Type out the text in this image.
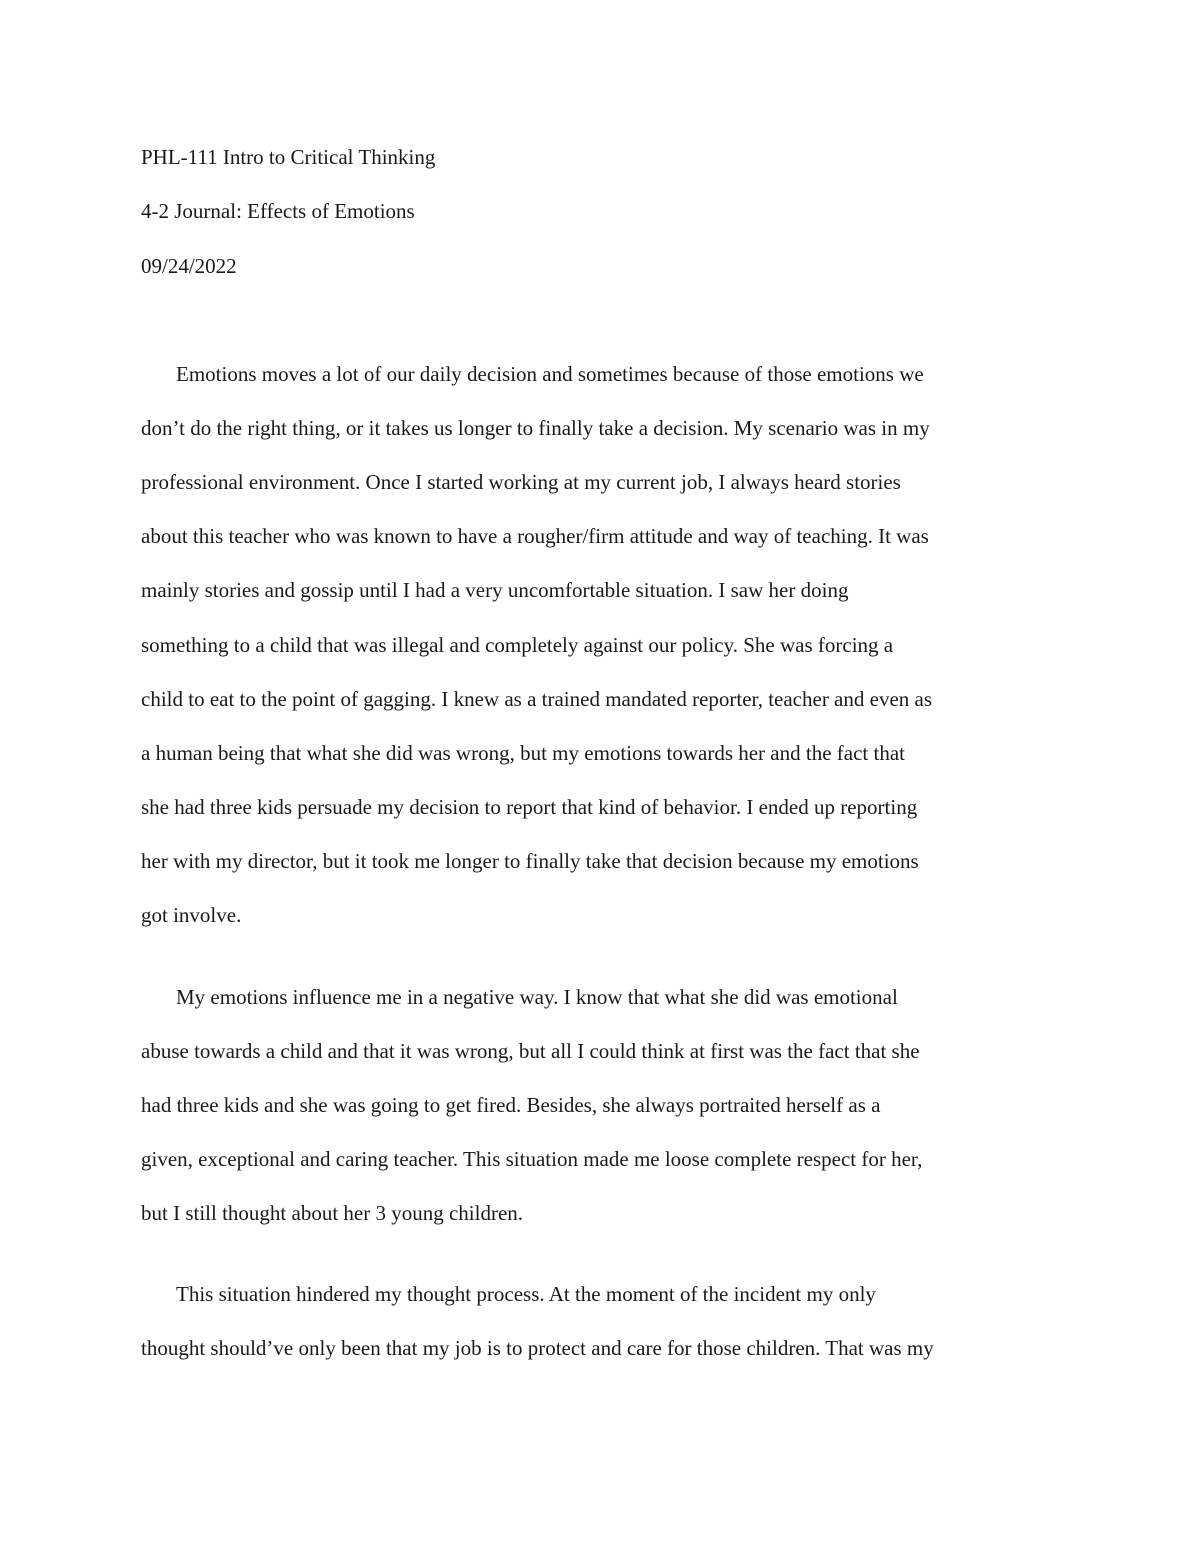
PHL-111 Intro to Critical Thinking
4-2 Journal: Effects of Emotions
09/24/2022
Emotions moves a lot of our daily decision and sometimes because of those emotions we
don’t do the right thing, or it takes us longer to finally take a decision. My scenario was in my
professional environment. Once I started working at my current job, I always heard stories
about this teacher who was known to have a rougher/firm attitude and way of teaching. It was
mainly stories and gossip until I had a very uncomfortable situation. I saw her doing
something to a child that was illegal and completely against our policy. She was forcing a
child to eat to the point of gagging. I knew as a trained mandated reporter, teacher and even as
a human being that what she did was wrong, but my emotions towards her and the fact that
she had three kids persuade my decision to report that kind of behavior. I ended up reporting
her with my director, but it took me longer to finally take that decision because my emotions
got involve.
My emotions influence me in a negative way. I know that what she did was emotional
abuse towards a child and that it was wrong, but all I could think at first was the fact that she
had three kids and she was going to get fired. Besides, she always portraited herself as a
given, exceptional and caring teacher. This situation made me loose complete respect for her,
but I still thought about her 3 young children.
This situation hindered my thought process. At the moment of the incident my only
thought should’ve only been that my job is to protect and care for those children. That was my
